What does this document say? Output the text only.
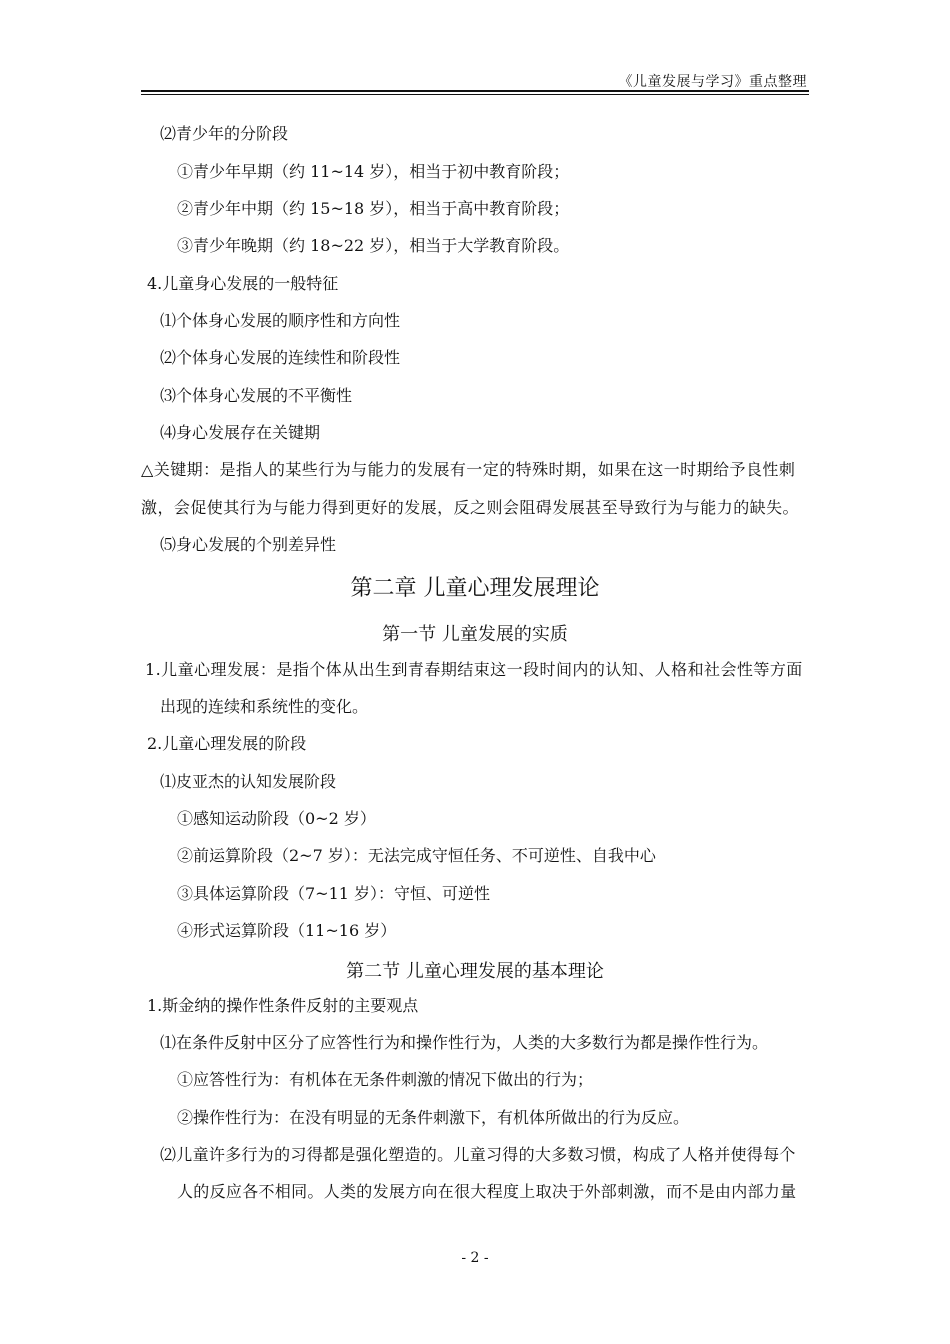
《儿童发展与学习》重点整理
⑵青少年的分阶段
①青少年早期（约 11~14 岁），相当于初中教育阶段；
②青少年中期（约 15~18 岁），相当于高中教育阶段；
③青少年晚期（约 18~22 岁），相当于大学教育阶段。
4.儿童身心发展的一般特征
⑴个体身心发展的顺序性和方向性
⑵个体身心发展的连续性和阶段性
⑶个体身心发展的不平衡性
⑷身心发展存在关键期
△关键期：是指人的某些行为与能力的发展有一定的特殊时期，如果在这一时期给予良性刺
激，会促使其行为与能力得到更好的发展，反之则会阻碍发展甚至导致行为与能力的缺失。
⑸身心发展的个别差异性
第二章 儿童心理发展理论
第一节 儿童发展的实质
1.儿童心理发展：是指个体从出生到青春期结束这一段时间内的认知、人格和社会性等方面
出现的连续和系统性的变化。
2.儿童心理发展的阶段
⑴皮亚杰的认知发展阶段
①感知运动阶段（0~2 岁）
②前运算阶段（2~7 岁）：无法完成守恒任务、不可逆性、自我中心
③具体运算阶段（7~11 岁）：守恒、可逆性
④形式运算阶段（11~16 岁）
第二节 儿童心理发展的基本理论
1.斯金纳的操作性条件反射的主要观点
⑴在条件反射中区分了应答性行为和操作性行为，人类的大多数行为都是操作性行为。
①应答性行为：有机体在无条件刺激的情况下做出的行为；
②操作性行为：在没有明显的无条件刺激下，有机体所做出的行为反应。
⑵儿童许多行为的习得都是强化塑造的。儿童习得的大多数习惯，构成了人格并使得每个
人的反应各不相同。人类的发展方向在很大程度上取决于外部刺激，而不是由内部力量
- 2 -
